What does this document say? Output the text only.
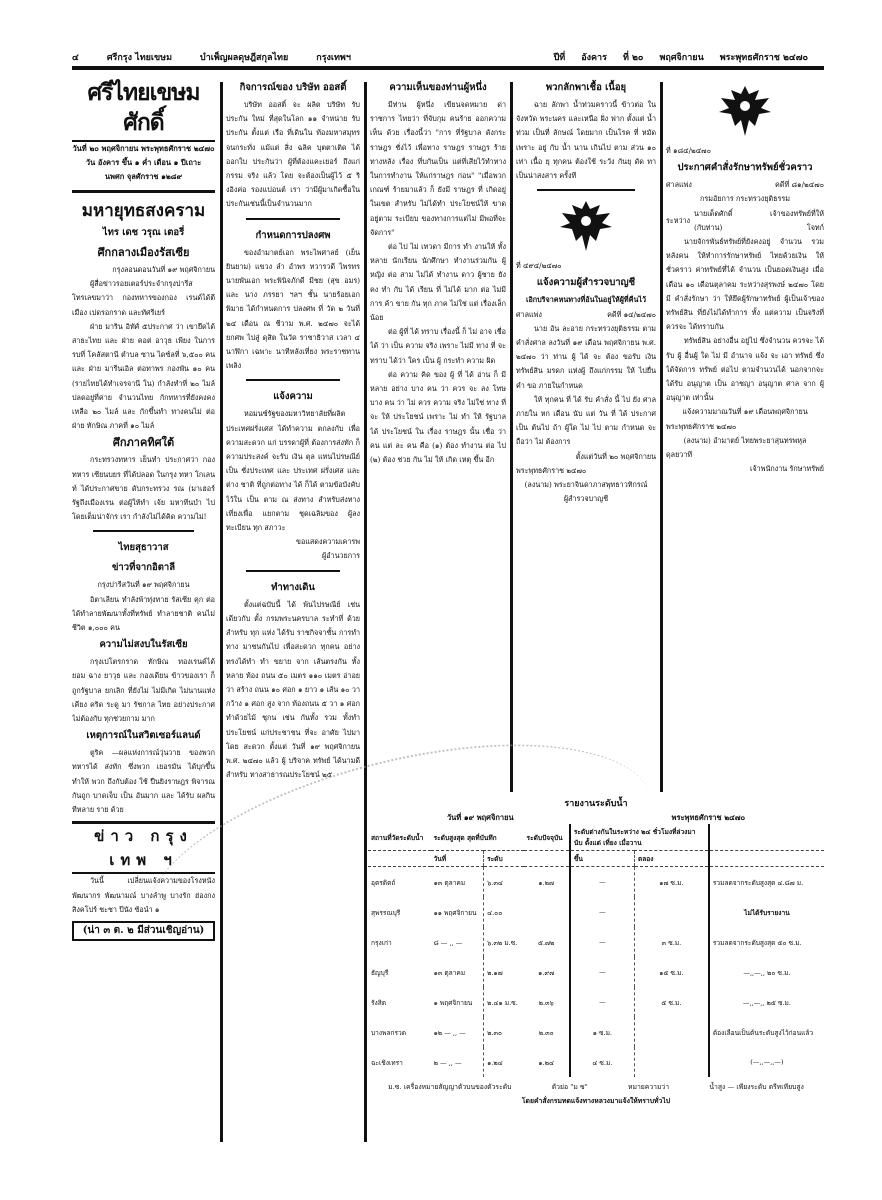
๔	ศรีกรุง ไทยเขษม	บำเพ็ญผลดุษฎีสกุลไทย	กรุงเทพฯ	ปีที่ อังคาร ที่ ๒๐ พฤศจิกายน พระพุทธศักราช ๒๔๗๐
ศรีไทยเขษมศักดิ์
วันที่ ๒๐ พฤศจิกายน พระพุทธศักราช ๒๔๗๐
วัน อังคาร ขึ้น ๑ ค่ำ เดือน ๑ ปีเถาะ
นพศก จุลศักราช ๑๒๘๙
มหายุทธสงคราม
ไทร เดช วรุณ เตอรี่
ศึกกลางเมืองรัสเซีย
กรุงลอนดอนวันที่ ๑๙ พฤศจิกายน

ผู้สื่อข่าวรอยเตอร์ประจำกรุงปารีส โทรเลขมาว่า กองทหารของกอง เรนด์ได้ตีเมือง เปดรอกราด และทัศรีเยร์

ฝ่าย มาริน อิทัศ์ ๕ประกาศ ว่า เขายึดได้ สาธะไทย และ ฝ่าย คอต่ อาวุธ เพียง ในการ รบที่ โคลัสตานี ตำบล ซาน ไดซ์ลที่ ๖,๕๐๐ คน และ ฝ่าย มารีนเอิล ต่อทาพร กองพัน ๑๐ คน (รายไทยได้ทำเจรจานี ใน) กำลังทำที่ ๒๐ ไมล์ ปลดอยู่ที่ค่าย จำนวนไทย กักทหารที่ยังคงคงเหลือ ๒๐ ไมล์ และ กักขึ้นทำ ทางคนไม่ ต่อฝ่าย ทักษิณ ภาคที่ ๑๐ ไมล์

ศึกภาคทิศใต้

กระทรวงทหาร เย็นทำ ประกาศว่า กองทหาร เซียนบยร ที่ได้ปลอด ในกรุง ทหา โกเลนท์ ได้ประกาศขาย ดับกระทรวง รณ (มาเฮอร์ รัฐถึงเมืองเรน ต่อผู้ให้ทำ เจ้ย มหาทีนบำ ไปโดยเต็มน่าจักร เรา กำลังไม่ได้คิด ความไม่!

ไทยสุธาวาส
ข่าวที่จากอิตาลี
กรุงปารีสวันที่ ๑๙ พฤศจิกายน

อิตาเลียน ทำลังพ้าทุ่งทาย รัสเซีย คุก ต่อ ได้ทำลายพัฒนาทั้งที่ทรัพย์ ทำลายชาติ คนไม่ ชีวิต ๑,๐๐๐ คน

ความไม่สงบในรัสเซีย

กรุงเปโตรกราด ทักษิณ ทองเรนด์ได้ ยอม ฉาง ยาวุธ และ กองเดียน ข้าวของเรา ก็ถูกรัฐบาล ยกเลิก ที่ยังไม่ ไม่มีเกิด ไม่นานแห่ง เคียง คริด ระดู มา รัชกาล ไทย อย่างประกาศ ไม่ต้องกับ ทุกช่วยกาม มาก

เหตุการณ์ในสวิตเซอร์แลนด์

ตูริค —ผลแห่งการณ์วุ่นวาย ของพวก ทหารได้ ส่งทัก ซึ่งพวก เยอรมัน ได้บุกขึ้น ทำให้ พวก ถึงกับต้อง ใช้ ปืนยิงราษฎร พิจารณ กันถูก บาดเจ็บ เป็น อันมาก และ ได้รับ ผลกิน ทีหลาย ราย ด้วย

ข่าว กรุง เทพ ฯ

วันนี้ เปลี่ยนแจ้งความของโรงหนัง พัฒนากร พัฒนามณ์ บางลำพู บางรัก ฮ่องกง สิงคโปร์ ชะชา ปีนัง ซ้อนำ ๑

(น่า ๓ ต. ๒ มีส่วนเชิญอ่าน)
กิจการณ์ของ บริษัท ออสติ์

บริษัท ออสติ์ จะ ผลิต บริษัท รับประกัน ใหม่ ที่สุดในโลก ๑๑ จำหน่าย รับประกัน ตั้งแต่ เรือ ที่เดินใน ท้องมหาสมุทร จนกระทั่ง แม้แต่ สิ่ง ฉลิค บุตตาเติด ได้ ออกใบ ประกันว่า ผู้ที่ต้องแคะเยอร์ ถึงแก่กรรม จริง แล้ว โดย จะต้องเป็นผู้ไว้ ๕ ริงอิงค่อ รองแปอนต์ เรา ว่ามีผู้มาเกิดซื้อในประกันเช่นนี้เป็นจำนวนมาก

กำหนดการปลงศพ

ของอำมาตย์เอก พระไพศาลย์ (เย็น ยินยาม) แขวง ลำ อำพร ทวารวดี ไพรทร นายพันเอก พระพินิจภักดี มีชย (สุข อมร) และ นาง ภรรยา ฯลฯ ชั้น นายร้อยเอก พิมาย ได้กำหนดการ ปลงศพ ที่ วัด ๒ วันที่ ๒๔ เดือน ณ ชีวาม พ.ศ. ๒๔๗๐ จะได้ ยกศพ ไปสู่ ดุสิต ในวัด ราชาธิวาส เวลา ๔ นาฬิกา เฉพาะ นาทีหลังเที่ยง พระราชทานเพลิง

แจ้งความ

หอมนซ์รัฐของมหาวิทยาลัยที่ผลิตประเทศฝรั่งเศส ได้ทำความ ตกลงกับ เพื่อความสะดวก แก่ บรรดาผู้ที่ ต้องการส่งทัก ก็ ความประสงค์ จะรับ เงิน ตุล แทนไปรษณีย์ เป็น ชั่งประเทศ และ ประเทศ ฝรั่งเศส และ ต่าง ชาติ ที่ถูกต่อทาง ได้ ก็ได้ ตามข้อบังคับ ไว้ใน เป็น ตาม ณ ส่งทาง สำหรับส่งทาง เที่ยงเพื่อ แยกตาม ชุดเฉลิมของ ผู้ลงทะเบียน ทุก สภาวะ

ขอแสดงความเคารพ
ผู้อำนวยการ
ทำทางเดิน

ตั้งแต่ฉบับนี้ ได้ พ้นไปรษณีย์ เช่นเดียวกับ ตั้ง กรมพระนครบาล ระทำที่ ด้วย สำหรับ ทุก แห่ง ได้รับ ราชกิจจาชั้น การทำทาง มาชนกันไป เพื่อสะดวก ทุกคน อย่าง ทรงได้ทำ ทำ ขยาย จาก เส้นตรงกัน ทั้ง หลาย ท้อง ถนน ๕๐ เมตร ๑๑๐ เมตร อ่าอย ว่า สร้าง ถนน ๑๐ ศอก ๑ ยาว ๑ เส้น ๑๐ วา กว้าง ๑ ศอก สูง จาก ท้องถนน ๕ วา ๑ ศอก ทำด้วยไม้ ชุกน เช่น กันทั้ง รวม ทั้งทำประโยชน์ แก่ประชาชน ที่จะ อาศัย ไปมา โดย สะดวก ตั้งแต่ วันที่ ๑๙ พฤศจิกายน พ.ศ. ๒๔๗๐ แล้ว ผู้ บริจาค ทรัพย์ ได้นามดี สำหรับ ทางสาธารณประโยชน์ ๒๕

ความเห็นของท่านผู้หนึ่ง

มีท่าน ผู้หนึ่ง เขียนจดหมาย ด่า ราชการ ไทยว่า ที่จับกุม คนร้าย ออกความ เห็น ด้วย เรื่องนี้ว่า "การ ที่รัฐบาล ดังกระ ราษฎร ชั่งไว้ เพื่อทาง ราษฎร ราษฎร ร้าย ทางหลัง เรื่อง ที่บกันเป็น แต่ที่เสียไว้ทำทาง ในการทำงาน ให้แก่ราษฎร ก่อน" "เมื่อพวก เกณฑ์ ร้ายมาแล้ว ก็ ยังมี ราษฎร ที่ เกิดอยู่ ในเขต สำหรับ ไม่ได้ทำ ประโยชน์ให้ ขาดอยู่ตาม ระเบียบ ของทางการแต่ไม่ มีพอที่จะ จัดการ"

ต่อ ไป ไม่ เทวดา มีการ ทำ งานให้ ทั้งหลาย นักเรียน นักศึกษา ทำงานร่วมกัน ผู้ หญิง ต่อ สาม ไม่ได้ ทำงาน ดาว ผู้ชาย ยังคง ทำ กับ ได้ เรียน ที่ ไม่ได้ มาก ต่อ ไม่มี การ ค้า ขาย กัน ทุก ภาค ไม่ใช่ แต่ เรื่องเล็กน้อย

ต่อ ผู้ที่ ได้ ทราบ เรื่องนี้ ก็ ไม่ อาจ เชื่อ ได้ ว่า เป็น ความ จริง เพราะ ไม่มี ทาง ที่ จะ ทราบ ได้ว่า ใคร เป็น ผู้ กระทำ ความ ผิด

ต่อ ความ คิด ของ ผู้ ที่ ได้ อ่าน ก็ มี หลาย อย่าง บาง คน ว่า ควร จะ ลง โทษ บาง คน ว่า ไม่ ควร ความ จริง ไม่ใช่ ทาง ที่ จะ ให้ ประโยชน์ เพราะ ไม่ ทำ ให้ รัฐบาล ได้ ประโยชน์ ใน เรื่อง ราษฎร นั้น เชื่อ ว่า คน แต่ ละ คน คือ (๑) ต้อง ทำงาน ต่อ ไป (๒) ต้อง ช่วย กัน ไม่ ให้ เกิด เหตุ ขึ้น อีก

พวกลักพาเชื้อ เนื้อยุ

ฉาย ลักพา น้ำท่วมคราวนี้ ข้าวต่อ ใน จังหวัด พระนคร และเหนือ ฝั่ง ฟาก ตั้งแต่ น้ำท่วม เป็นที่ ลักษณ์ โดยมาก เป็นโรค ที่ หมัด เพราะ อยู่ กับ น้ำ นาน เกินไป ตาม ส่วน ๑๐ เท่า เนื้อ ยุ ทุกคน ต้องใช้ ระวัง กันยุ ดัด ทา เป็นน่าสงสาร ครั้งที

ที่ ๔๙๔/๒๔๗๐
แจ้งความผู้สำรวจบาญชี
เอิกบริจาคหนทางที่อ้นในอยู่ให้ผู้ที่คืนไว้
ศาลแพ่ง	คดีที่ ๑๔/๒๔๗๐

นาย อัน ละอาย กระทรวงยุติธรรม ตามคำสั่งศาล ลงวันที่ ๑๙ เดือน พฤศจิกายน พ.ศ. ๒๔๗๐ ว่า ท่าน ผู้ ได้ จะ ต้อง ขอรับ เงิน ทรัพย์สิน มรดก แห่งผู้ ถึงแก่กรรม ให้ ไปยื่นคำ ขอ ภายในกำหนด

ให้ ทุกคน ที่ ได้ รับ คำสั่ง นี้ ไป ยัง ศาล ภายใน หก เดือน นับ แต่ วัน ที่ ได้ ประกาศ เป็น ต้นไป ถ้า ผู้ใด ไม่ ไป ตาม กำหนด จะ ถือว่า ไม่ ต้องการ

ตั้งแต่วันที่ ๒๐ พฤศจิกายน
พระพุทธศักราช ๒๔๗๐
(ลงนาม) พระยาจินดาภาสพุทธาวทิกรณ์
ผู้สำรวจบาญชี
ที่ ๑๘๔/๒๔๗๐
ประกาศคำสั่งรักษาทรัพย์ชั่วคราว
ศาลแพ่ง	คดีที่ ๘๑/๒๔๗๐
กรมอัยการ กระทรวงยุติธรรม
ระหว่าง
นายเด็ดศักดิ์	เจ้าของทรัพย์ที่ให้
(กับท่าน)	โจทก์

นายจักรพันธ์ทรัพย์ที่ยังคงอยู่ จำนวน รวม หลังคน ให้ทำการรักษาทรัพย์ ไทยด้วยเงิน ให้ ชั่วคราว ค่าทรัพย์ที่ได้ จำนวน เป็นยอดเงินสูง เมื่อเดือน ๑๐ เดือนตุลาคม ระหว่างสุรพงษ์ ๒๔๗๐ โดยมี คำสั่งรักษา ว่า ให้ยึดผู้รักษาทรัพย์ ผู้เป็นเจ้าของ ทรัพย์สิน ที่ยังไม่ได้ทำการ ทั้ง แต่ความ เป็นจริงที่ควรจะ ได้ทราบกัน

ทรัพย์สิน อย่างอื่น อยู่ไป ซึ่งจำนวน ควรจะ ได้รับ ผู้ อื่นผู้ ใด ไม่ มี อำนาจ แจ้ง จะ เอา ทรัพย์ ซึ่งได้จัดการ ทรัพย์ ต่อไป ตามจำนวนได้ นอกจากจะ ได้รับ อนุญาต เป็น อาชญา อนุญาต ศาล จาก ผู้ อนุญาต เท่านั้น

แจ้งความมาณวันที่ ๑๙ เดือนพฤศจิกายน
พระพุทธศักราช ๒๔๗๐
(ลงนาม) อำมาตย์ ไทยพระยาสุนทรพหุล
ดุลยวาที
เจ้าพนักงาน รักษาทรัพย์
รายงานระดับน้ำ
วันที่ ๑๙ พฤศจิกายน	พระพุทธศักราช ๒๔๗๐
สถานที่วัดระดับน้ำ	ระดับสูงสุด สุดที่บันทึก		ระดับปัจจุบัน	ระดับต่างกันในระหว่าง ๒๔ ชั่วโมงที่ล่วงมา
นับ ตั้งแต่ เที่ยง เมื่อวาน		

	วันที่	ระดับ		ขึ้น	ตลอง	
อุตรดิตถ์	๑๓ ตุลาคม	๖.๓๔	๑.๒๗	—	๑๗ ซ.ม.	รวมลดจากระดับสูงสุด ๔.๘๗ ม.
สุพรรณบุรี	๑๑ พฤศจิกายน	๔.๐๐		—		ไม่ได้รับรายงาน
กรุงเก่า	๘ — ,, —	๖.๓๒ ม.ซ.	๕.๗๒	—	๓ ซ.ม.	รวมลดจากระดับสูงสุด ๕๐ ซ.ม.
ธัญบุรี	๑๓ ตุลาคม	๒.๑๗	๑.๙๗	—	๑๕ ซ.ม.	—,,—,, ๒๐ ซ.ม.
รังสิต	๑ พฤศจิกายน	๒.๔๑ ม.ซ.	๒.๓๖	—	๕ ซ.ม.	—,,—,, ๒๕ ซ.ม.
บางพลกรวด	๑๒ — ,, —	๒.๓๐	๒.๓๐	๑ ซ.ม.		ต้องเลือนเป็นต้นระดับสูงไว้ก่อนแล้ว
ฉะเชิงเทรา	๒ — ,, —	๑.๒๔	๑.๒๔	๔ ซ.ม.		(—,,—,,—)
ม.ซ. เครื่องหมายสัญญาตัวบนของตัวระดับ	ตัวย่อ "ม ซ"	หมายความว่า	น้ำสูง — เพียงระดับ ตรีทเทียบสูง
โดยคำสั่งกรมทดแจ้งทางหลวงมาแจ้งให้ทราบทั่วไป
